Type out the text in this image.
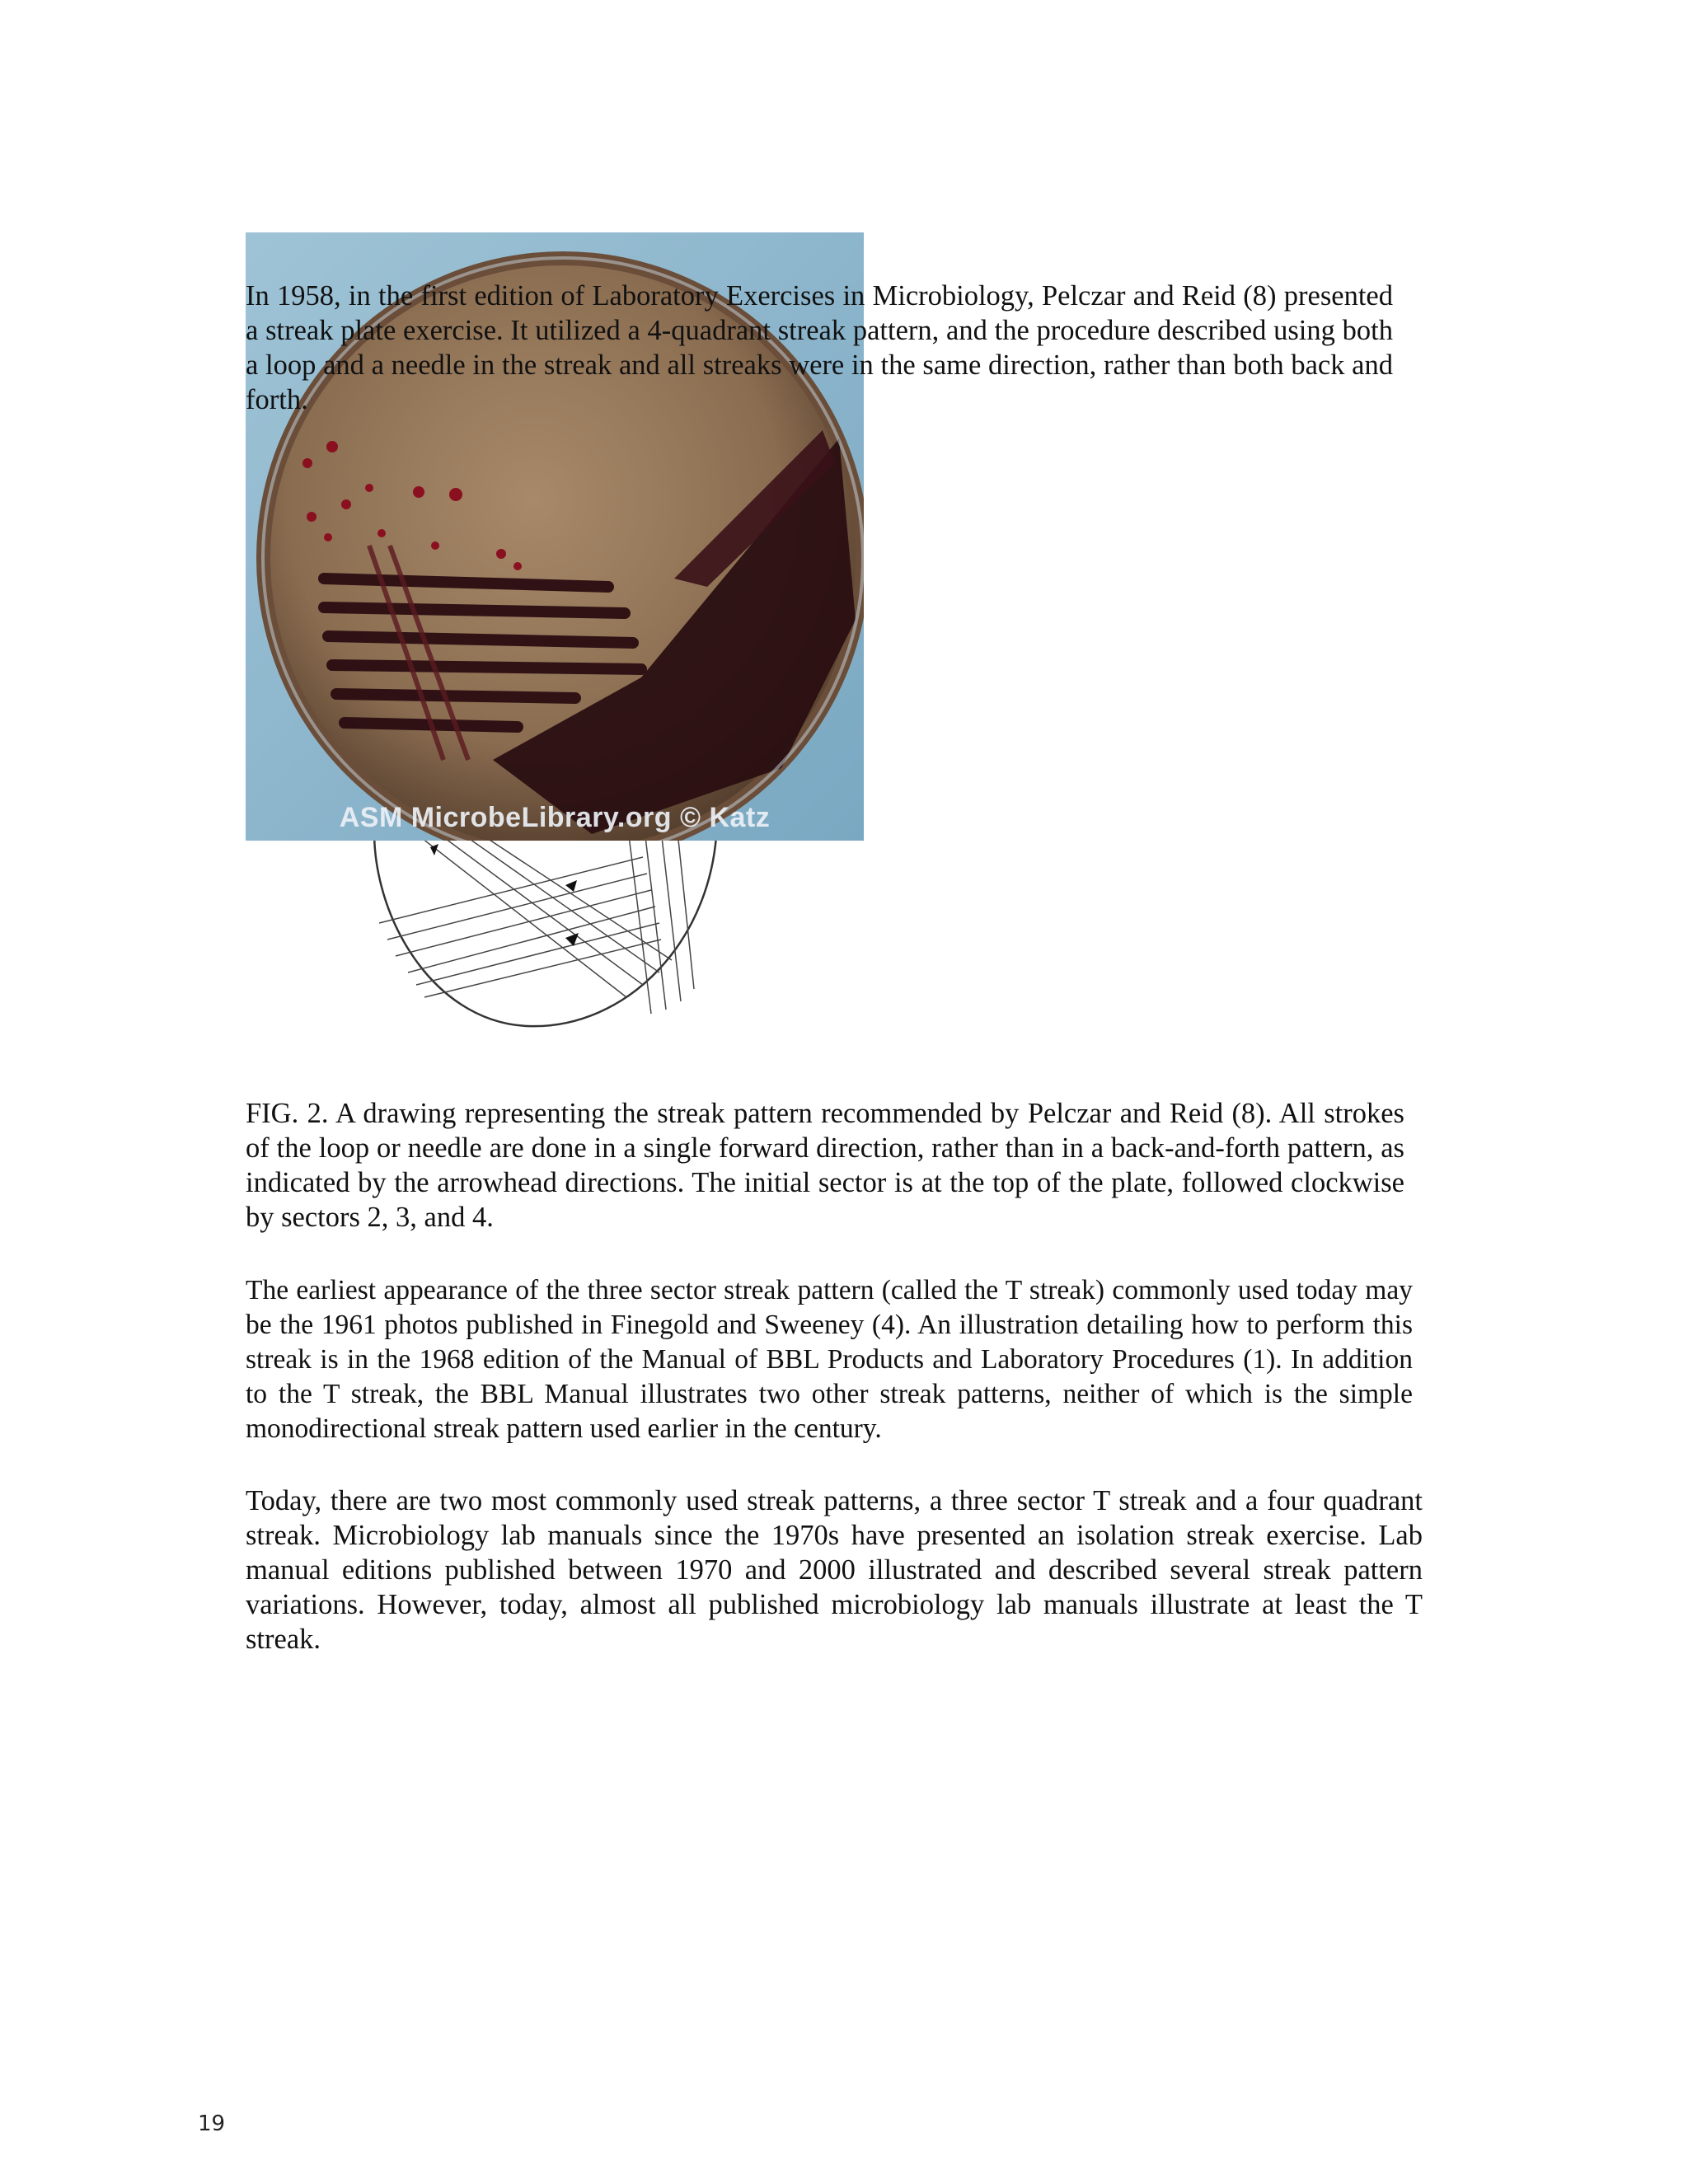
ASM MicrobeLibrary.org © Katz

In 1958, in the first edition of Laboratory Exercises in Microbiology, Pelczar and Reid (8) presented a streak plate exercise. It utilized a 4-quadrant streak pattern, and the procedure described using both a loop and a needle in the streak and all streaks were in the same direction, rather than both back and forth.

FIG. 2. A drawing representing the streak pattern recommended by Pelczar and Reid (8). All strokes of the loop or needle are done in a single forward direction, rather than in a back-and-forth pattern, as indicated by the arrowhead directions. The initial sector is at the top of the plate, followed clockwise by sectors 2, 3, and 4.

The earliest appearance of the three sector streak pattern (called the T streak) commonly used today may be the 1961 photos published in Finegold and Sweeney (4). An illustration detailing how to perform this streak is in the 1968 edition of the Manual of BBL Products and Laboratory Procedures (1). In addition to the T streak, the BBL Manual illustrates two other streak patterns, neither of which is the simple monodirectional streak pattern used earlier in the century.

Today, there are two most commonly used streak patterns, a three sector T streak and a four quadrant streak. Microbiology lab manuals since the 1970s have presented an isolation streak exercise. Lab manual editions published between 1970 and 2000 illustrated and described several streak pattern variations. However, today, almost all published microbiology lab manuals illustrate at least the T streak.

19
